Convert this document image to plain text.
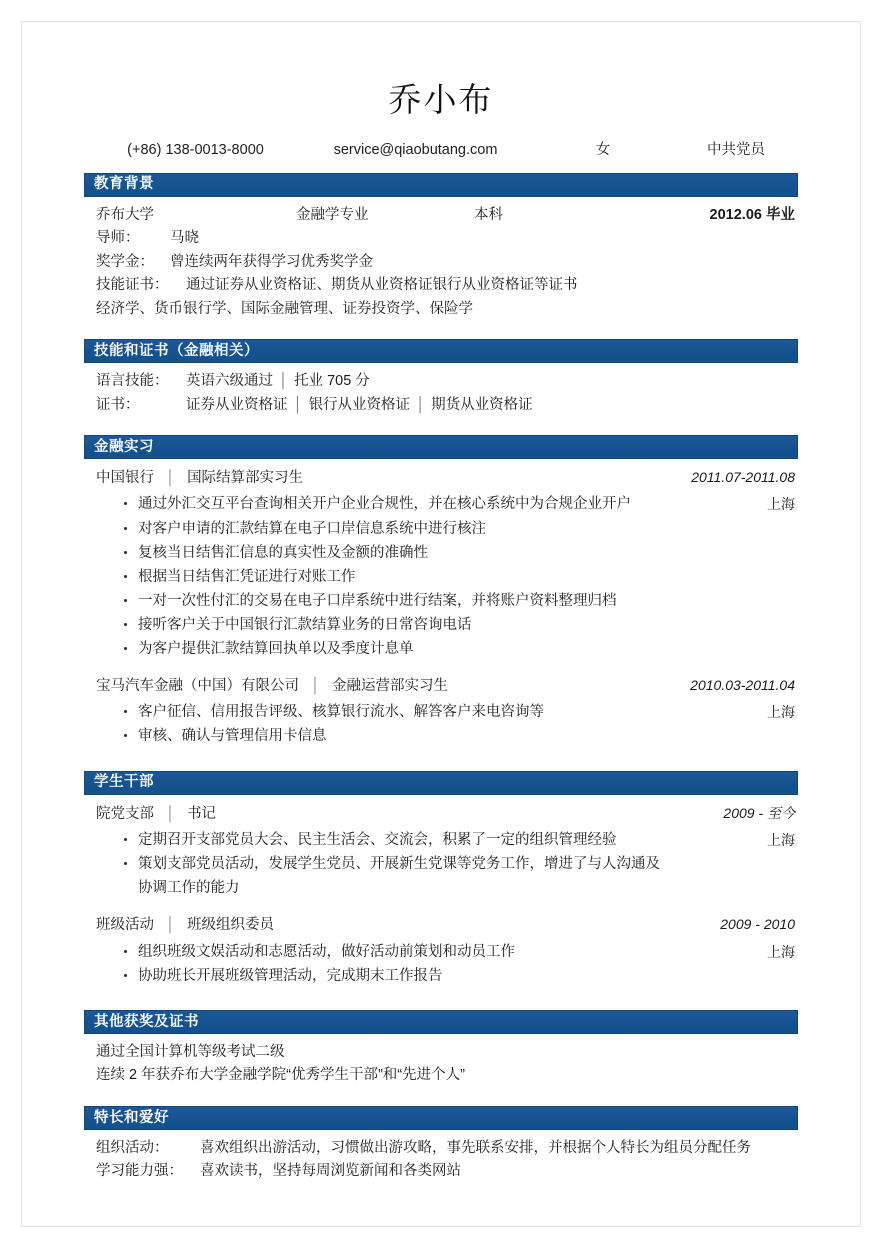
乔小布
(+86) 138-0013-8000	service@qiaobutang.com	女	中共党员
教育背景
乔布大学	金融学专业	本科	2012.06 毕业
导师：	马晓
奖学金：	曾连续两年获得学习优秀奖学金
技能证书：	通过证券从业资格证、期货从业资格证银行从业资格证等证书
经济学、货币银行学、国际金融管理、证券投资学、保险学
技能和证书（金融相关）
语言技能：	英语六级通过 │ 托业 705 分
证书：	证券从业资格证 │ 银行从业资格证 │ 期货从业资格证
金融实习
中国银行 │ 国际结算部实习生	2011.07-2011.08
通过外汇交互平台查询相关开户企业合规性，并在核心系统中为合规企业开户
对客户申请的汇款结算在电子口岸信息系统中进行核注
复核当日结售汇信息的真实性及金额的准确性
根据当日结售汇凭证进行对账工作
一对一次性付汇的交易在电子口岸系统中进行结案，并将账户资料整理归档
接听客户关于中国银行汇款结算业务的日常咨询电话
为客户提供汇款结算回执单以及季度计息单
上海
宝马汽车金融（中国）有限公司 │ 金融运营部实习生	2010.03-2011.04
客户征信、信用报告评级、核算银行流水、解答客户来电咨询等
审核、确认与管理信用卡信息
上海
学生干部
院党支部 │ 书记	2009 - 至今
定期召开支部党员大会、民主生活会、交流会，积累了一定的组织管理经验
策划支部党员活动，发展学生党员、开展新生党课等党务工作，增进了与人沟通及协调工作的能力
上海
班级活动 │ 班级组织委员	2009 - 2010
组织班级文娱活动和志愿活动，做好活动前策划和动员工作
协助班长开展班级管理活动，完成期末工作报告
上海
其他获奖及证书
通过全国计算机等级考试二级
连续 2 年获乔布大学金融学院“优秀学生干部”和“先进个人”
特长和爱好
组织活动：	喜欢组织出游活动，习惯做出游攻略，事先联系安排，并根据个人特长为组员分配任务
学习能力强：	喜欢读书，坚持每周浏览新闻和各类网站
